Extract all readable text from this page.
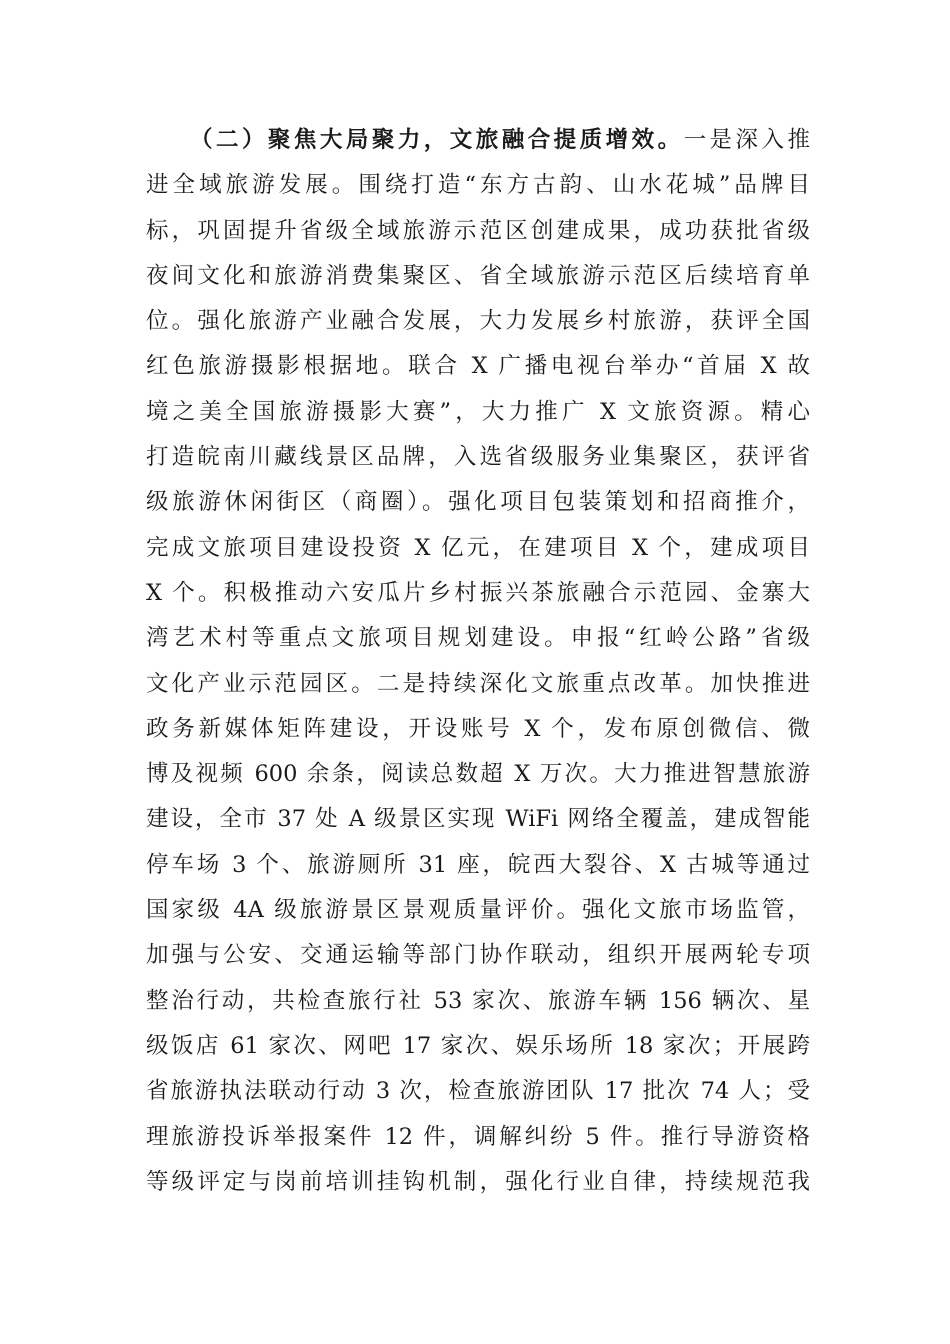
（二）聚焦大局聚力，文旅融合提质增效。一是深入推
进全域旅游发展。围绕打造“东方古韵、山水花城”品牌目
标，巩固提升省级全域旅游示范区创建成果，成功获批省级
夜间文化和旅游消费集聚区、省全域旅游示范区后续培育单
位。强化旅游产业融合发展，大力发展乡村旅游，获评全国
红色旅游摄影根据地。联合 X 广播电视台举办“首届 X 故
境之美全国旅游摄影大赛”，大力推广 X 文旅资源。精心
打造皖南川藏线景区品牌，入选省级服务业集聚区，获评省
级旅游休闲街区（商圈）。强化项目包装策划和招商推介，
完成文旅项目建设投资 X 亿元，在建项目 X 个，建成项目
X 个。积极推动六安瓜片乡村振兴茶旅融合示范园、金寨大
湾艺术村等重点文旅项目规划建设。申报“红岭公路”省级
文化产业示范园区。二是持续深化文旅重点改革。加快推进
政务新媒体矩阵建设，开设账号 X 个，发布原创微信、微
博及视频 600 余条，阅读总数超 X 万次。大力推进智慧旅游
建设，全市 37 处 A 级景区实现 WiFi 网络全覆盖，建成智能
停车场 3 个、旅游厕所 31 座，皖西大裂谷、X 古城等通过
国家级 4A 级旅游景区景观质量评价。强化文旅市场监管，
加强与公安、交通运输等部门协作联动，组织开展两轮专项
整治行动，共检查旅行社 53 家次、旅游车辆 156 辆次、星
级饭店 61 家次、网吧 17 家次、娱乐场所 18 家次；开展跨
省旅游执法联动行动 3 次，检查旅游团队 17 批次 74 人；受
理旅游投诉举报案件 12 件，调解纠纷 5 件。推行导游资格
等级评定与岗前培训挂钩机制，强化行业自律，持续规范我
